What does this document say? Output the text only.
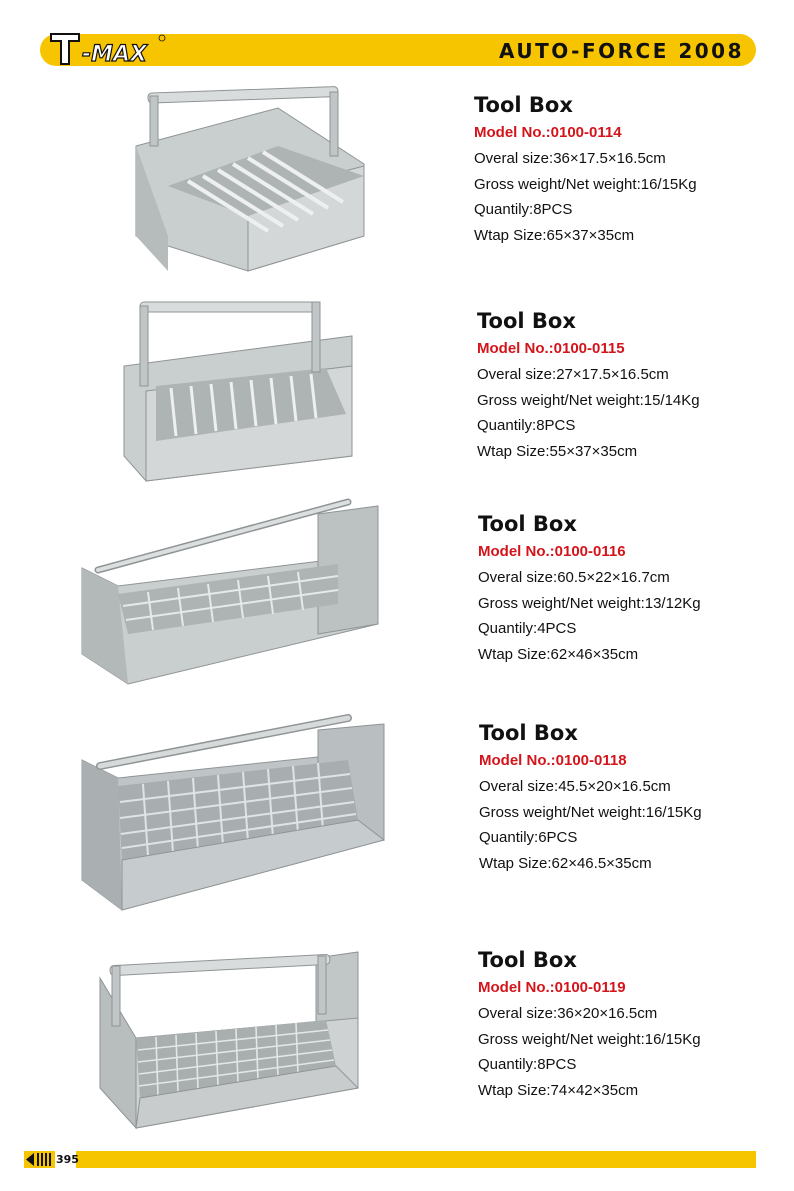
-MAX	AUTO-FORCE 2008
Tool Box
Model No.:0100-0114
Overal size:36×17.5×16.5cm
Gross weight/Net weight:16/15Kg
Quantily:8PCS
Wtap Size:65×37×35cm
Tool Box
Model No.:0100-0115
Overal size:27×17.5×16.5cm
Gross weight/Net weight:15/14Kg
Quantily:8PCS
Wtap Size:55×37×35cm
Tool Box
Model No.:0100-0116
Overal size:60.5×22×16.7cm
Gross weight/Net weight:13/12Kg
Quantily:4PCS
Wtap Size:62×46×35cm
Tool Box
Model No.:0100-0118
Overal size:45.5×20×16.5cm
Gross weight/Net weight:16/15Kg
Quantily:6PCS
Wtap Size:62×46.5×35cm
Tool Box
Model No.:0100-0119
Overal size:36×20×16.5cm
Gross weight/Net weight:16/15Kg
Quantily:8PCS
Wtap Size:74×42×35cm
395
